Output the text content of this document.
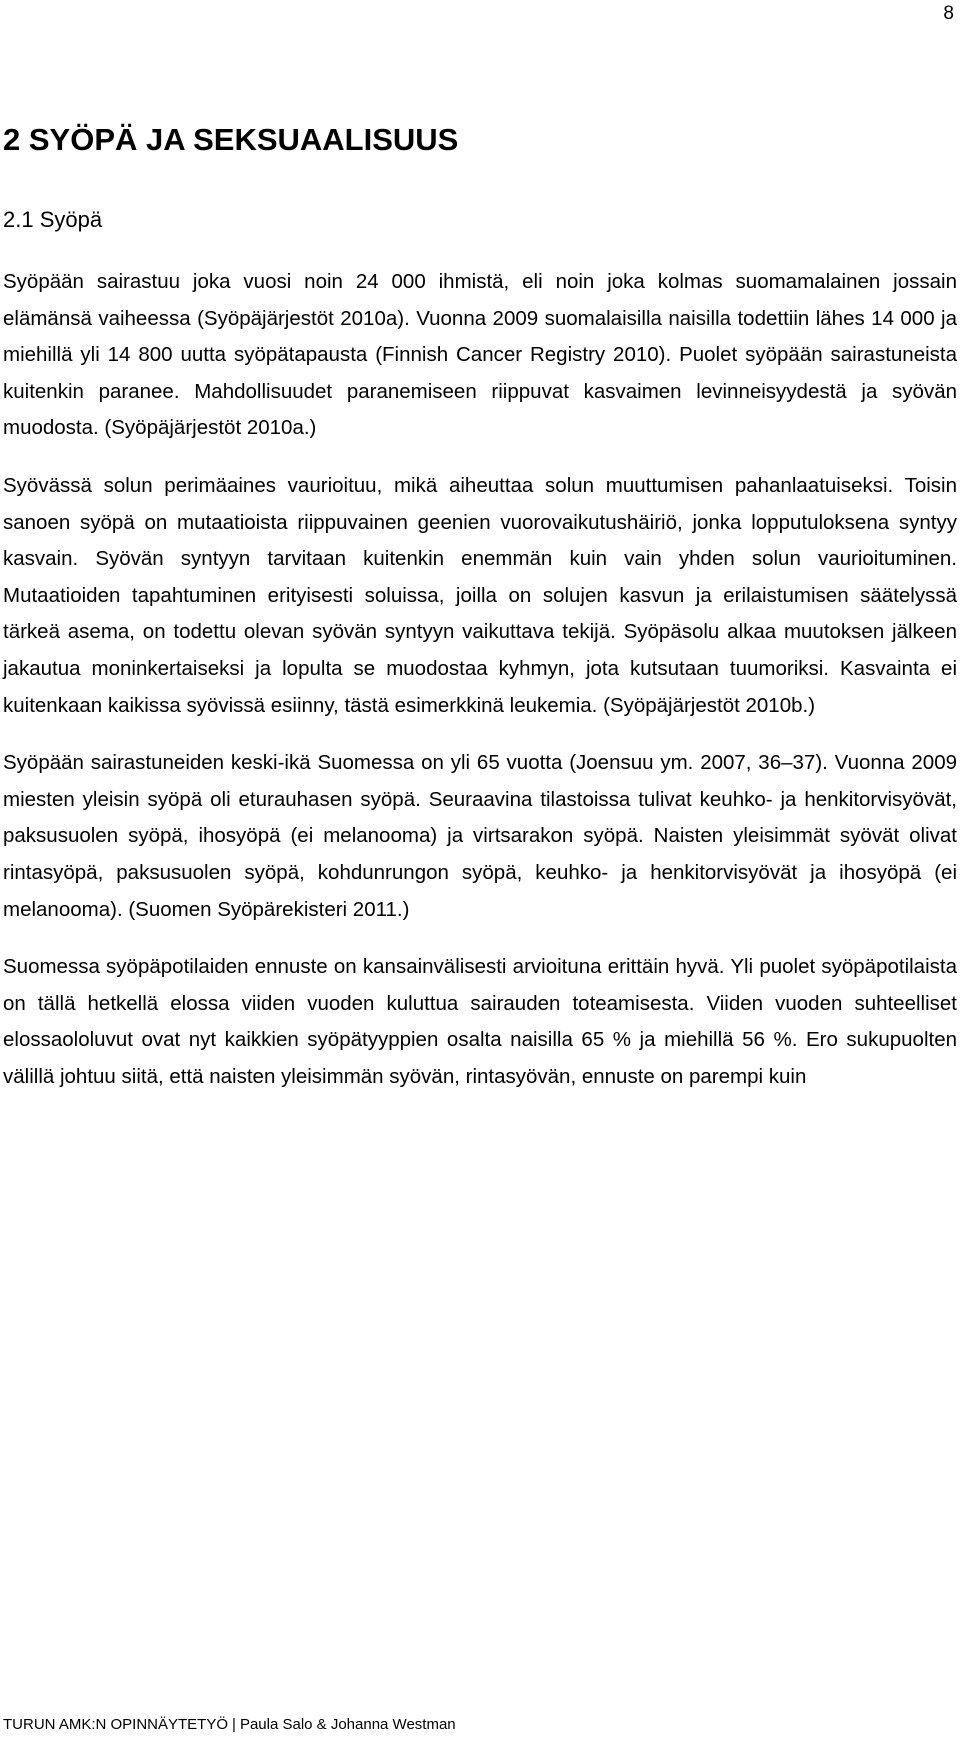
8
2 SYÖPÄ JA SEKSUAALISUUS
2.1 Syöpä

Syöpään sairastuu joka vuosi noin 24 000 ihmistä, eli noin joka kolmas suomamalainen jossain elämänsä vaiheessa (Syöpäjärjestöt 2010a). Vuonna 2009 suomalaisilla naisilla todettiin lähes 14 000 ja miehillä yli 14 800 uutta syöpätapausta (Finnish Cancer Registry 2010). Puolet syöpään sairastuneista kuitenkin paranee. Mahdollisuudet paranemiseen riippuvat kasvaimen levinneisyydestä ja syövän muodosta. (Syöpäjärjestöt 2010a.)

Syövässä solun perimäaines vaurioituu, mikä aiheuttaa solun muuttumisen pahanlaatuiseksi. Toisin sanoen syöpä on mutaatioista riippuvainen geenien vuorovaikutushäiriö, jonka lopputuloksena syntyy kasvain. Syövän syntyyn tarvitaan kuitenkin enemmän kuin vain yhden solun vaurioituminen. Mutaatioiden tapahtuminen erityisesti soluissa, joilla on solujen kasvun ja erilaistumisen säätelyssä tärkeä asema, on todettu olevan syövän syntyyn vaikuttava tekijä. Syöpäsolu alkaa muutoksen jälkeen jakautua moninkertaiseksi ja lopulta se muodostaa kyhmyn, jota kutsutaan tuumoriksi. Kasvainta ei kuitenkaan kaikissa syövissä esiinny, tästä esimerkkinä leukemia. (Syöpäjärjestöt 2010b.)

Syöpään sairastuneiden keski-ikä Suomessa on yli 65 vuotta (Joensuu ym. 2007, 36–37). Vuonna 2009 miesten yleisin syöpä oli eturauhasen syöpä. Seuraavina tilastoissa tulivat keuhko- ja henkitorvisyövät, paksusuolen syöpä, ihosyöpä (ei melanooma) ja virtsarakon syöpä. Naisten yleisimmät syövät olivat rintasyöpä, paksusuolen syöpä, kohdunrungon syöpä, keuhko- ja henkitorvisyövät ja ihosyöpä (ei melanooma). (Suomen Syöpärekisteri 2011.)

Suomessa syöpäpotilaiden ennuste on kansainvälisesti arvioituna erittäin hyvä. Yli puolet syöpäpotilaista on tällä hetkellä elossa viiden vuoden kuluttua sairauden toteamisesta. Viiden vuoden suhteelliset elossaololuvut ovat nyt kaikkien syöpätyyppien osalta naisilla 65 % ja miehillä 56 %. Ero sukupuolten välillä johtuu siitä, että naisten yleisimmän syövän, rintasyövän, ennuste on parempi kuin

TURUN AMK:N OPINNÄYTETYÖ | Paula Salo & Johanna Westman
